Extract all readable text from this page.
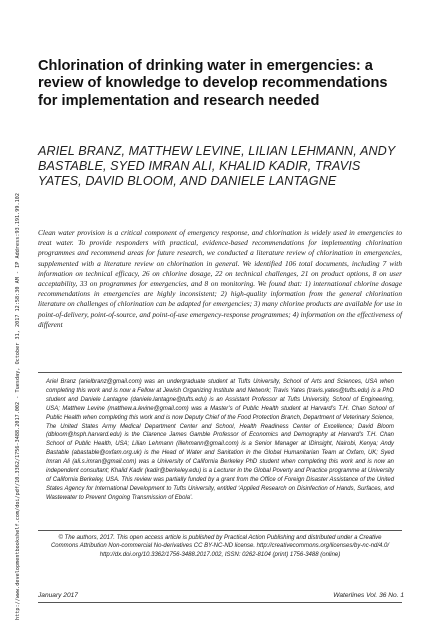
http://www.developmentbookshelf.com/doi/pdf/10.3362/1756-3488.2017.002 - Tuesday, October 31, 2017 12:58:30 AM - IP Address:93.191.99.102
Chlorination of drinking water in emergencies: a review of knowledge to develop recommendations for implementation and research needed

ARIEL BRANZ, MATTHEW LEVINE, LILIAN LEHMANN, ANDY BASTABLE, SYED IMRAN ALI, KHALID KADIR, TRAVIS YATES, DAVID BLOOM, AND DANIELE LANTAGNE

Clean water provision is a critical component of emergency response, and chlorination is widely used in emergencies to treat water. To provide responders with practical, evidence-based recommendations for implementing chlorination programmes and recommend areas for future research, we conducted a literature review of chlorination in emergencies, supplemented with a literature review on chlorination in general. We identified 106 total documents, including 7 with information on technical efficacy, 26 on chlorine dosage, 22 on technical challenges, 21 on product options, 8 on user acceptability, 33 on programmes for emergencies, and 8 on monitoring. We found that: 1) international chlorine dosage recommendations in emergencies are highly inconsistent; 2) high-quality information from the general chlorination literature on challenges of chlorination can be adapted for emergencies; 3) many chlorine products are available for use in point-of-delivery, point-of-source, and point-of-use emergency-response programmes; 4) information on the effectiveness of different

Ariel Branz (arielbranz@gmail.com) was an undergraduate student at Tufts University, School of Arts and Sciences, USA when completing this work and is now a Fellow at Jewish Organizing Institute and Network; Travis Yates (travis.yates@tufts.edu) is a PhD student and Daniele Lantagne (daniele.lantagne@tufts.edu) is an Assistant Professor at Tufts University, School of Engineering, USA; Matthew Levine (matthew.a.levine@gmail.com) was a Master’s of Public Health student at Harvard’s T.H. Chan School of Public Health when completing this work and is now Deputy Chief of the Food Protection Branch, Department of Veterinary Science, The United States Army Medical Department Center and School, Health Readiness Center of Excellence; David Bloom (dbloom@hsph.harvard.edu) is the Clarence James Gamble Professor of Economics and Demography at Harvard’s T.H. Chan School of Public Health, USA; Lilian Lehmann (lilehmann@gmail.com) is a Senior Manager at IDinsight, Nairobi, Kenya; Andy Bastable (abastable@oxfam.org.uk) is the Head of Water and Sanitation in the Global Humanitarian Team at Oxfam, UK; Syed Imran Ali (ali.s.imran@gmail.com) was a University of California Berkeley PhD student when completing this work and is now an independent consultant; Khalid Kadir (kadir@berkeley.edu) is a Lecturer in the Global Poverty and Practice programme at University of California Berkeley, USA. This review was partially funded by a grant from the Office of Foreign Disaster Assistance of the United States Agency for International Development to Tufts University, entitled ‘Applied Research on Disinfection of Hands, Surfaces, and Wastewater to Prevent Ongoing Transmission of Ebola’.

© The authors, 2017. This open access article is published by Practical Action Publishing and distributed under a Creative Commons Attribution Non-commercial No-derivatives CC BY-NC-ND license. http://creativecommons.org/licenses/by-nc-nd/4.0/ http://dx.doi.org/10.3362/1756-3488.2017.002, ISSN: 0262-8104 (print) 1756-3488 (online)

January 2017	Waterlines Vol. 36 No. 1
